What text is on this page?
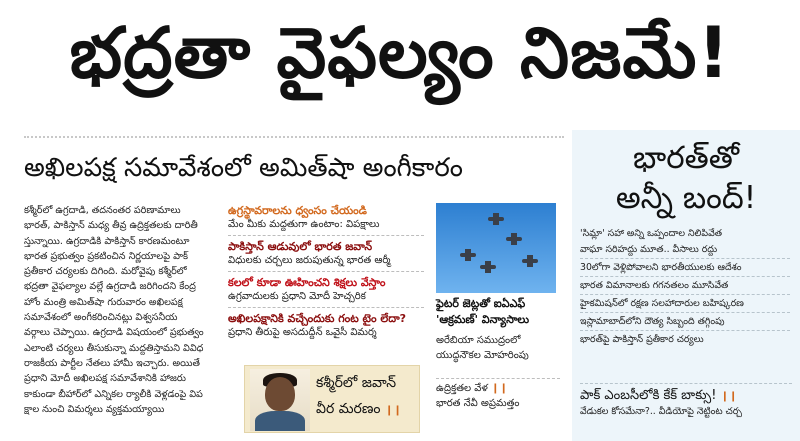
భద్రతా వైఫల్యం నిజమే!
అఖిలపక్ష సమావేశంలో అమిత్‌షా అంగీకారం
కశ్మీర్‌లో ఉగ్రదాడి, తదనంతర పరిణామాలు
భారత్, పాకిస్తాన్ మధ్య తీవ్ర ఉద్రిక్తతలకు దారితీ
స్తున్నాయి. ఉగ్రదాడికి పాకిస్తాన్ కారణమంటూ
భారత ప్రభుత్వం ప్రకటించిన నిర్ణయాలపై పాక్
ప్రతీకార చర్యలకు దిగింది. మరోవైపు కశ్మీర్‌లో
భద్రతా వైఫల్యాల వల్లే ఉగ్రదాడి జరిగిందని కేంద్ర
హోం మంత్రి అమిత్‌షా గురువారం అఖిలపక్ష
సమావేశంలో అంగీకరించినట్లు విశ్వసనీయ
వర్గాలు చెప్పాయి. ఉగ్రదాడి విషయంలో ప్రభుత్వం
ఎలాంటి చర్యలు తీసుకున్నా మద్దతిస్తామని వివిధ
రాజకీయ పార్టీల నేతలు హామీ ఇచ్చారు. అయితే
ప్రధాని మోదీ అఖిలపక్ష సమావేశానికి హాజరు
కాకుండా బీహార్‌లో ఎన్నికల ర్యాలీకి వెళ్లడంపై విప
క్షాల నుంచి విమర్శలు వ్యక్తమయ్యాయి
ఉగ్రస్థావరాలను ధ్వంసం చేయండి
మేం మీకు మద్దతుగా ఉంటాం: విపక్షాలు
పాకిస్తాన్ ఆడువులో భారత జవాన్
విధులకు చర్చలు జరుపుతున్న భారత ఆర్మీ
కలలో కూడా ఊహించని శిక్షలు వేస్తాం
ఉగ్రవాదులకు ప్రధాని మోదీ హెచ్చరిక
అఖిలపక్షానికి వచ్చేందుకు గంట టైం లేదా?
ప్రధాని తీరుపై అసదుద్దీన్ ఒవైసీ విమర్శ
కశ్మీర్‌లో జవాన్
వీర మరణం ❙❙
ఫైటర్ జెట్లతో ఐఏఎఫ్
'ఆక్రమణ్' విన్యాసాలు
అరేబియా సముద్రంలో
యుద్ధనౌకల మోహరింపు
ఉద్రిక్తతల వేళ ❙❙
భారత నేవీ అప్రమత్తం
భారత్‌తో
అన్నీ బంద్!
'సిమ్లా' సహా అన్ని ఒప్పందాల నిలిపివేత
వాఘా సరిహద్దు మూత.. వీసాలు రద్దు
30లోగా వెళ్లిపోవాలని భారతీయులకు ఆదేశం
భారత విమానాలకు గగనతలం మూసివేత
హైకమిషన్‌లో రక్షణ సలహాదారుల బహిష్కరణ
ఇస్లామాబాద్‌లోని దౌత్య సిబ్బంది తగ్గింపు
భారత్‌పై పాకిస్తాన్ ప్రతీకార చర్యలు
పాక్ ఎంబసీలోకి కేక్ బాక్సు! ❙❙
వేడుకల కోసమేనా?.. వీడియోపై నెట్టింట చర్చ
